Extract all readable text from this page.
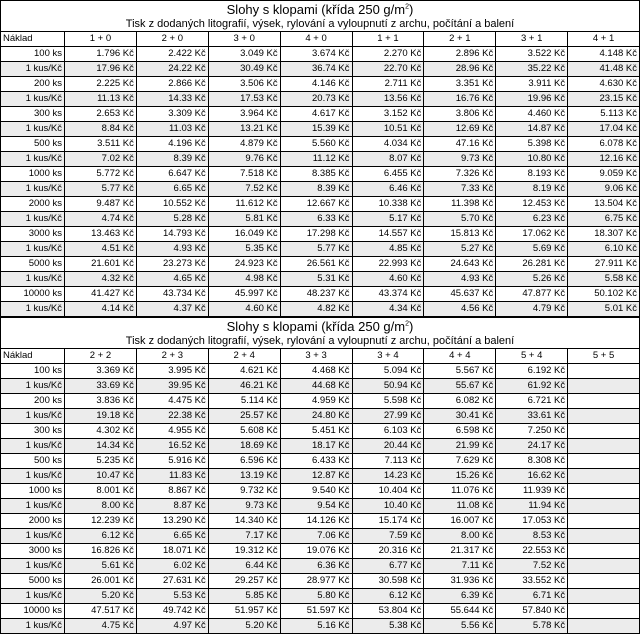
Slohy s klopami (křída 250 $g/m^2$)
Tisk z dodaných litografií, výsek, rylování a vyloupnutí z archu, počítání a balení
Náklad	1 + 0	2 + 0	3 + 0	4 + 0	1 + 1	2 + 1	3 + 1	4 + 1
100 ks	1.796 Kč	2.422 Kč	3.049 Kč	3.674 Kč	2.270 Kč	2.896 Kč	3.522 Kč	4.148 Kč
1 kus/Kč	17.96 Kč	24.22 Kč	30.49 Kč	36.74 Kč	22.70 Kč	28.96 Kč	35.22 Kč	41.48 Kč
200 ks	2.225 Kč	2.866 Kč	3.506 Kč	4.146 Kč	2.711 Kč	3.351 Kč	3.911 Kč	4.630 Kč
1 kus/Kč	11.13 Kč	14.33 Kč	17.53 Kč	20.73 Kč	13.56 Kč	16.76 Kč	19.96 Kč	23.15 Kč
300 ks	2.653 Kč	3.309 Kč	3.964 Kč	4.617 Kč	3.152 Kč	3.806 Kč	4.460 Kč	5.113 Kč
1 kus/Kč	8.84 Kč	11.03 Kč	13.21 Kč	15.39 Kč	10.51 Kč	12.69 Kč	14.87 Kč	17.04 Kč
500 ks	3.511 Kč	4.196 Kč	4.879 Kč	5.560 Kč	4.034 Kč	47.16 Kč	5.398 Kč	6.078 Kč
1 kus/Kč	7.02 Kč	8.39 Kč	9.76 Kč	11.12 Kč	8.07 Kč	9.73 Kč	10.80 Kč	12.16 Kč
1000 ks	5.772 Kč	6.647 Kč	7.518 Kč	8.385 Kč	6.455 Kč	7.326 Kč	8.193 Kč	9.059 Kč
1 kus/Kč	5.77 Kč	6.65 Kč	7.52 Kč	8.39 Kč	6.46 Kč	7.33 Kč	8.19 Kč	9.06 Kč
2000 ks	9.487 Kč	10.552 Kč	11.612 Kč	12.667 Kč	10.338 Kč	11.398 Kč	12.453 Kč	13.504 Kč
1 kus/Kč	4.74 Kč	5.28 Kč	5.81 Kč	6.33 Kč	5.17 Kč	5.70 Kč	6.23 Kč	6.75 Kč
3000 ks	13.463 Kč	14.793 Kč	16.049 Kč	17.298 Kč	14.557 Kč	15.813 Kč	17.062 Kč	18.307 Kč
1 kus/Kč	4.51 Kč	4.93 Kč	5.35 Kč	5.77 Kč	4.85 Kč	5.27 Kč	5.69 Kč	6.10 Kč
5000 ks	21.601 Kč	23.273 Kč	24.923 Kč	26.561 Kč	22.993 Kč	24.643 Kč	26.281 Kč	27.911 Kč
1 kus/Kč	4.32 Kč	4.65 Kč	4.98 Kč	5.31 Kč	4.60 Kč	4.93 Kč	5.26 Kč	5.58 Kč
10000 ks	41.427 Kč	43.734 Kč	45.997 Kč	48.237 Kč	43.374 Kč	45.637 Kč	47.877 Kč	50.102 Kč
1 kus/Kč	4.14 Kč	4.37 Kč	4.60 Kč	4.82 Kč	4.34 Kč	4.56 Kč	4.79 Kč	5.01 Kč
Slohy s klopami (křída 250 $g/m^2$)
Tisk z dodaných litografií, výsek, rylování a vyloupnutí z archu, počítání a balení
Náklad	2 + 2	2 + 3	2 + 4	3 + 3	3 + 4	4 + 4	5 + 4	5 + 5
100 ks	3.369 Kč	3.995 Kč	4.621 Kč	4.468 Kč	5.094 Kč	5.567 Kč	6.192 Kč	
1 kus/Kč	33.69 Kč	39.95 Kč	46.21 Kč	44.68 Kč	50.94 Kč	55.67 Kč	61.92 Kč	
200 ks	3.836 Kč	4.475 Kč	5.114 Kč	4.959 Kč	5.598 Kč	6.082 Kč	6.721 Kč	
1 kus/Kč	19.18 Kč	22.38 Kč	25.57 Kč	24.80 Kč	27.99 Kč	30.41 Kč	33.61 Kč	
300 ks	4.302 Kč	4.955 Kč	5.608 Kč	5.451 Kč	6.103 Kč	6.598 Kč	7.250 Kč	
1 kus/Kč	14.34 Kč	16.52 Kč	18.69 Kč	18.17 Kč	20.44 Kč	21.99 Kč	24.17 Kč	
500 ks	5.235 Kč	5.916 Kč	6.596 Kč	6.433 Kč	7.113 Kč	7.629 Kč	8.308 Kč	
1 kus/Kč	10.47 Kč	11.83 Kč	13.19 Kč	12.87 Kč	14.23 Kč	15.26 Kč	16.62 Kč	
1000 ks	8.001 Kč	8.867 Kč	9.732 Kč	9.540 Kč	10.404 Kč	11.076 Kč	11.939 Kč	
1 kus/Kč	8.00 Kč	8.87 Kč	9.73 Kč	9.54 Kč	10.40 Kč	11.08 Kč	11.94 Kč	
2000 ks	12.239 Kč	13.290 Kč	14.340 Kč	14.126 Kč	15.174 Kč	16.007 Kč	17.053 Kč	
1 kus/Kč	6.12 Kč	6.65 Kč	7.17 Kč	7.06 Kč	7.59 Kč	8.00 Kč	8.53 Kč	
3000 ks	16.826 Kč	18.071 Kč	19.312 Kč	19.076 Kč	20.316 Kč	21.317 Kč	22.553 Kč	
1 kus/Kč	5.61 Kč	6.02 Kč	6.44 Kč	6.36 Kč	6.77 Kč	7.11 Kč	7.52 Kč	
5000 ks	26.001 Kč	27.631 Kč	29.257 Kč	28.977 Kč	30.598 Kč	31.936 Kč	33.552 Kč	
1 kus/Kč	5.20 Kč	5.53 Kč	5.85 Kč	5.80 Kč	6.12 Kč	6.39 Kč	6.71 Kč	
10000 ks	47.517 Kč	49.742 Kč	51.957 Kč	51.597 Kč	53.804 Kč	55.644 Kč	57.840 Kč	
1 kus/Kč	4.75 Kč	4.97 Kč	5.20 Kč	5.16 Kč	5.38 Kč	5.56 Kč	5.78 Kč	
